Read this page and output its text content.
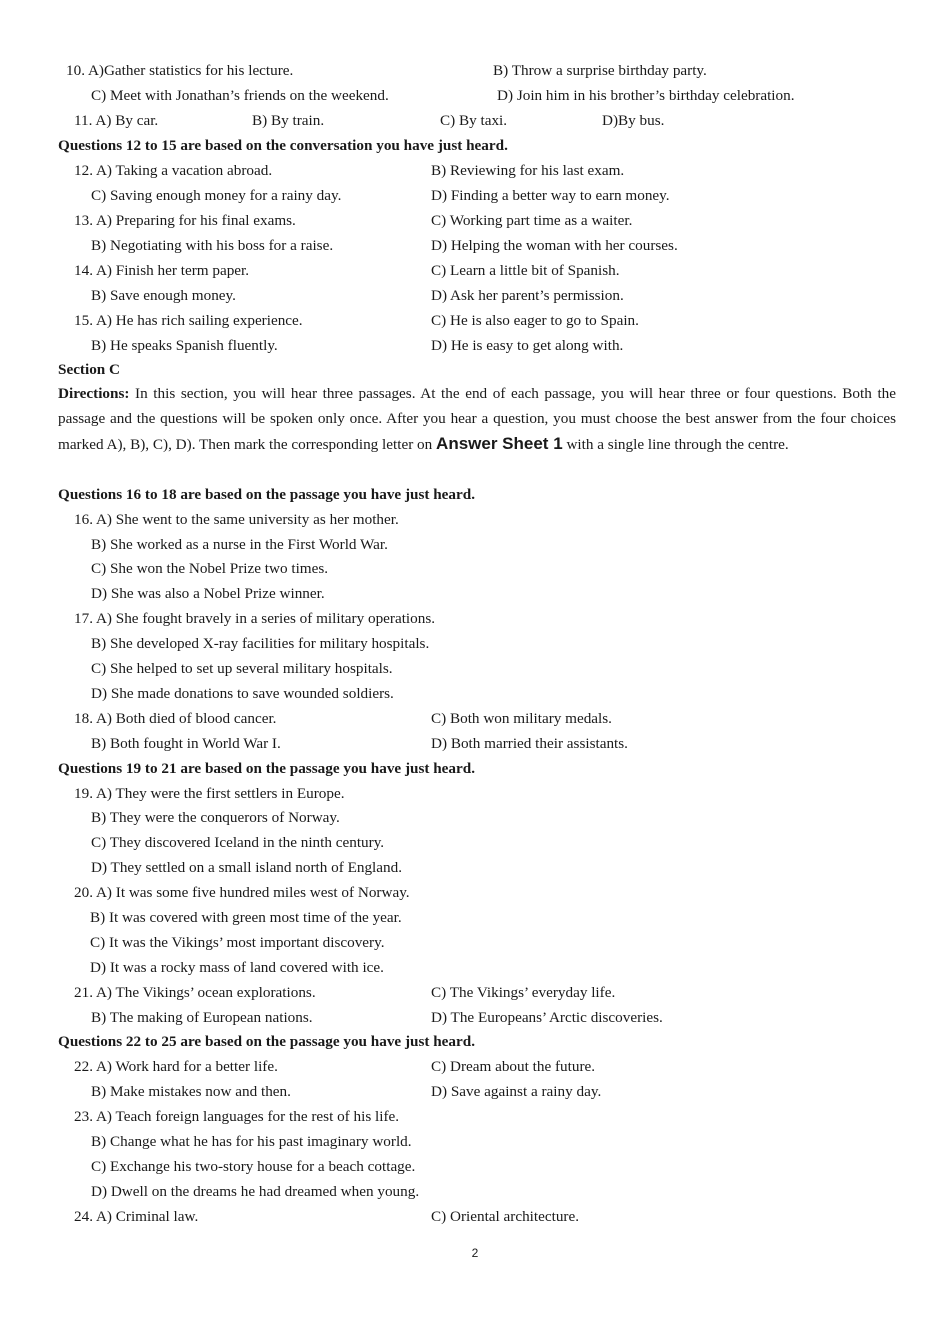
10. A)Gather statistics for his lecture.	B) Throw a surprise birthday party.
C) Meet with Jonathan’s friends on the weekend.	D) Join him in his brother’s birthday celebration.
11. A) By car.	B) By train.	C) By taxi.	D)By bus.
Questions 12 to 15 are based on the conversation you have just heard.
12. A) Taking a vacation abroad.	B) Reviewing for his last exam.
C) Saving enough money for a rainy day.	D) Finding a better way to earn money.
13. A) Preparing for his final exams.	C) Working part time as a waiter.
B) Negotiating with his boss for a raise.	D) Helping the woman with her courses.
14. A) Finish her term paper.	C) Learn a little bit of Spanish.
B) Save enough money.	D) Ask her parent’s permission.
15. A) He has rich sailing experience.	C) He is also eager to go to Spain.
B) He speaks Spanish fluently.	D) He is easy to get along with.
Section C
Directions: In this section, you will hear three passages. At the end of each passage, you will hear three or four questions. Both the passage and the questions will be spoken only once. After you hear a question, you must choose the best answer from the four choices marked A), B), C), D). Then mark the corresponding letter on Answer Sheet 1 with a single line through the centre.
Questions 16 to 18 are based on the passage you have just heard.
16. A) She went to the same university as her mother.
B) She worked as a nurse in the First World War.
C) She won the Nobel Prize two times.
D) She was also a Nobel Prize winner.
17. A) She fought bravely in a series of military operations.
B) She developed X-ray facilities for military hospitals.
C) She helped to set up several military hospitals.
D) She made donations to save wounded soldiers.
18. A) Both died of blood cancer.	C) Both won military medals.
B) Both fought in World War I.	D) Both married their assistants.
Questions 19 to 21 are based on the passage you have just heard.
19. A) They were the first settlers in Europe.
B) They were the conquerors of Norway.
C) They discovered Iceland in the ninth century.
D) They settled on a small island north of England.
20. A) It was some five hundred miles west of Norway.
B) It was covered with green most time of the year.
C) It was the Vikings’ most important discovery.
D) It was a rocky mass of land covered with ice.
21. A) The Vikings’ ocean explorations.	C) The Vikings’ everyday life.
B) The making of European nations.	D) The Europeans’ Arctic discoveries.
Questions 22 to 25 are based on the passage you have just heard.
22. A) Work hard for a better life.	C) Dream about the future.
B) Make mistakes now and then.	D) Save against a rainy day.
23. A) Teach foreign languages for the rest of his life.
B) Change what he has for his past imaginary world.
C) Exchange his two-story house for a beach cottage.
D) Dwell on the dreams he had dreamed when young.
24. A) Criminal law.	C) Oriental architecture.
2
